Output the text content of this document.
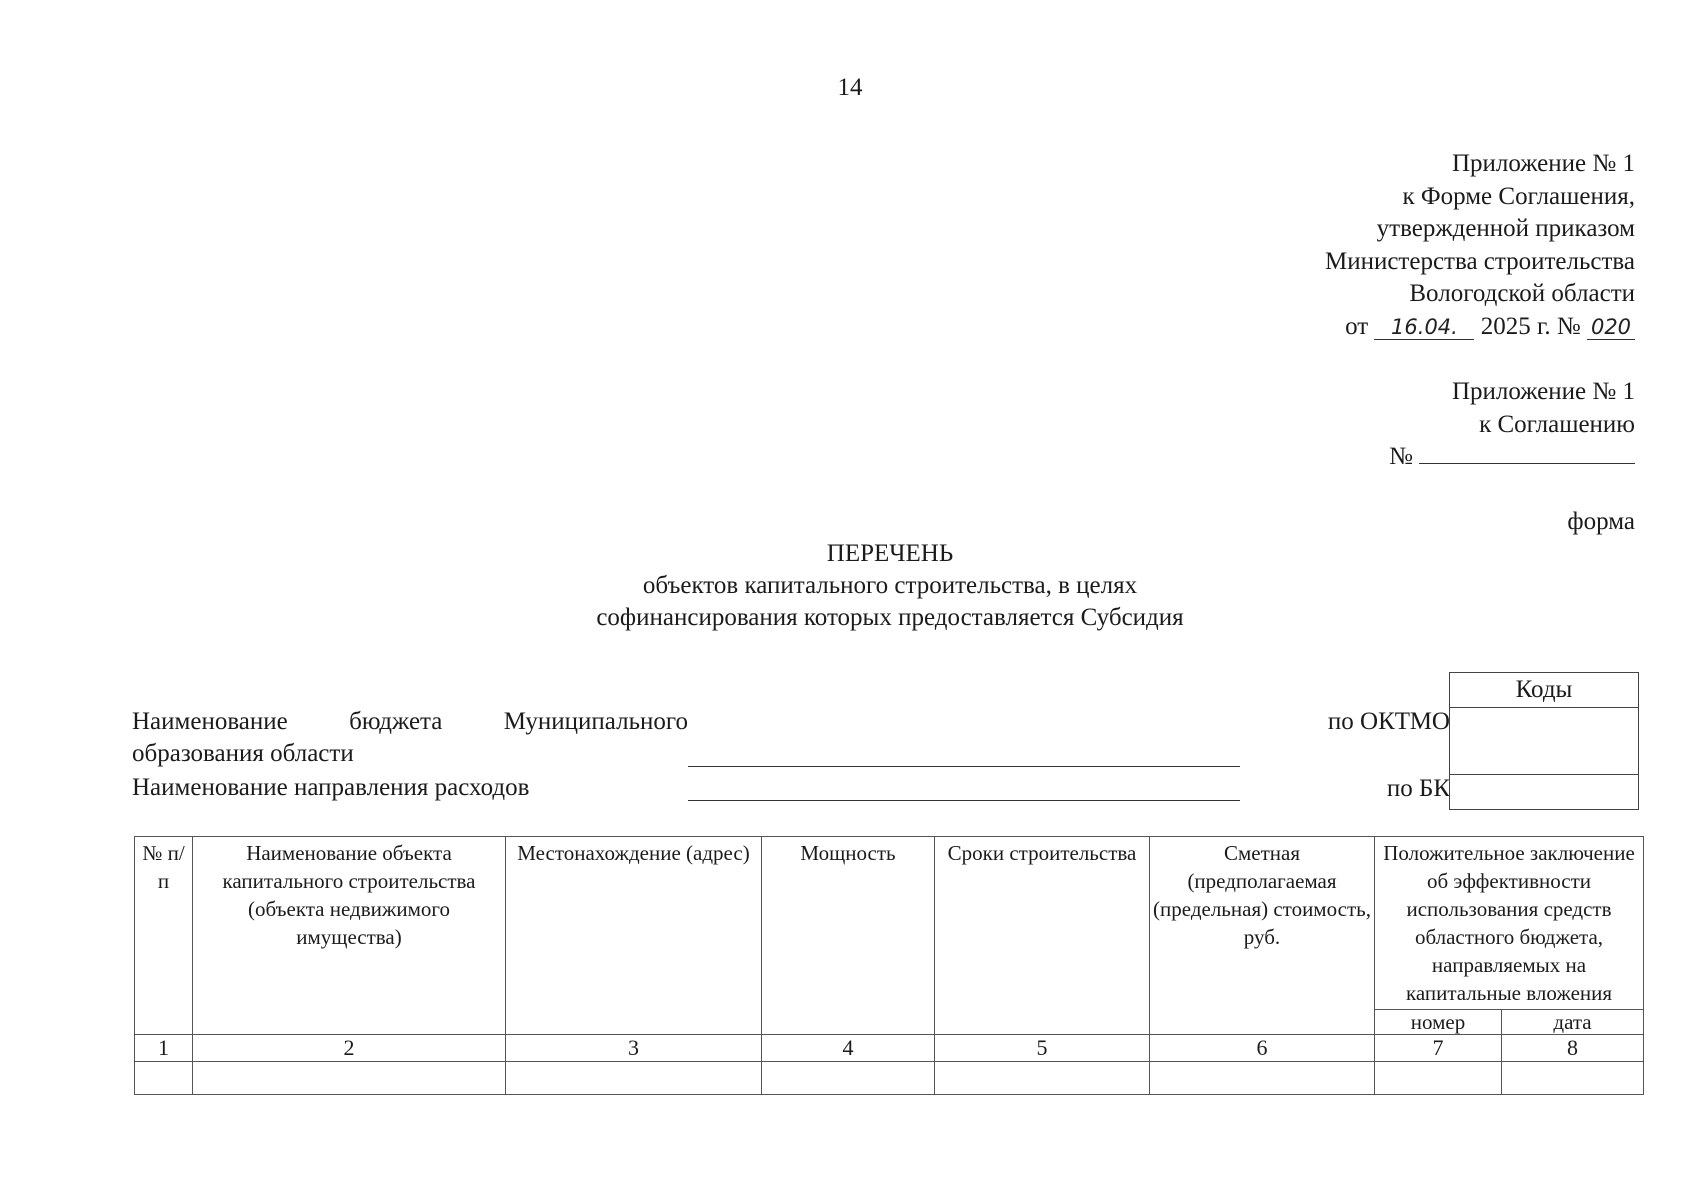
14
Приложение № 1
к Форме Соглашения,
утвержденной приказом
Министерства строительства
Вологодской области
от 16.04. 2025 г. № 020
Приложение № 1
к Соглашению
№
форма
ПЕРЕЧЕНЬ
объектов капитального строительства, в целях
софинансирования которых предоставляется Субсидия
Наименование бюджета Муниципального
образования области
Наименование направления расходов
по ОКТМО
по БК
Коды

№ п/п	Наименование объекта капитального строительства (объекта недвижимого имущества)	Местонахождение (адрес)	Мощность	Сроки строительства	Сметная (предполагаемая (предельная) стоимость, руб.	Положительное заключение об эффективности использования средств областного бюджета, направляемых на капитальные вложения	
						номер	дата
1	2	3	4	5	6	7	8
